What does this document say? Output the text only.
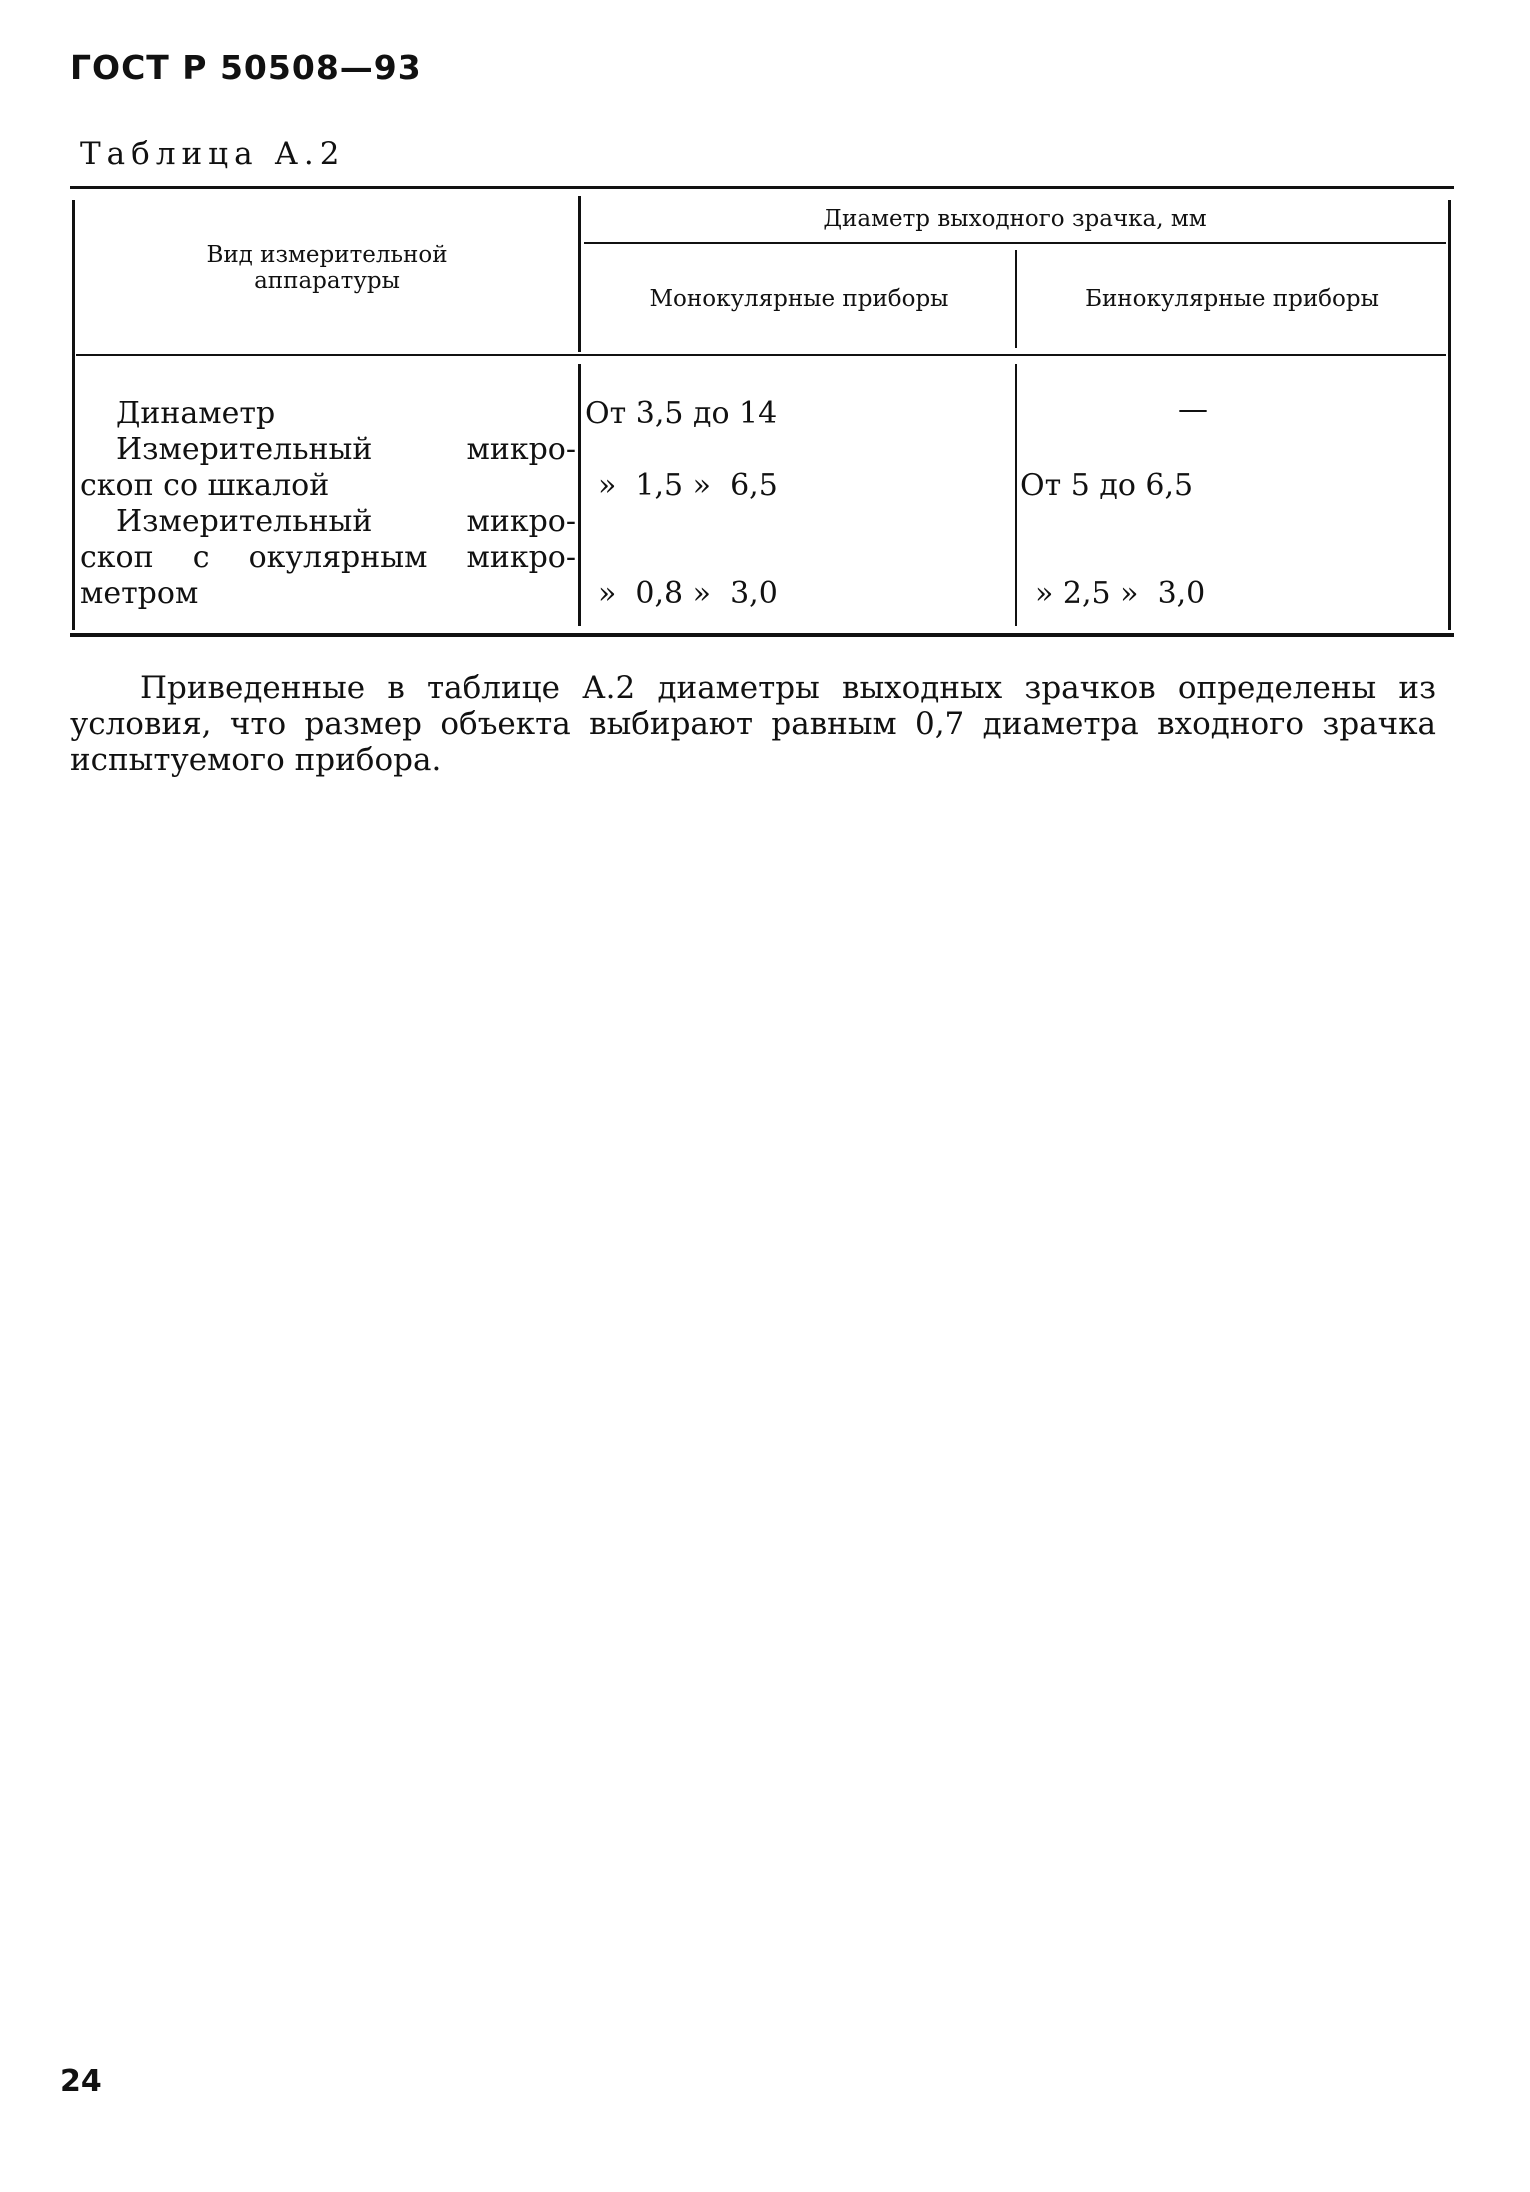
ГОСТ Р 50508—93
Таблица А.2
Вид измерительной аппаратуры
Диаметр выходного зрачка, мм
Монокулярные приборы	Бинокулярные приборы
Динаметр	От 3,5 до 14	—
Измерительный микро-
скоп со шкалой	»  1,5 »  6,5	От 5 до 6,5
Измерительный микро-
скоп с окулярным микро-
метром	»  0,8 »  3,0	» 2,5 »  3,0
Приведенные в таблице А.2 диаметры выходных зрачков определены из условия, что размер объекта выбирают равным 0,7 диаметра входного зрачка испытуемого прибора.
24
